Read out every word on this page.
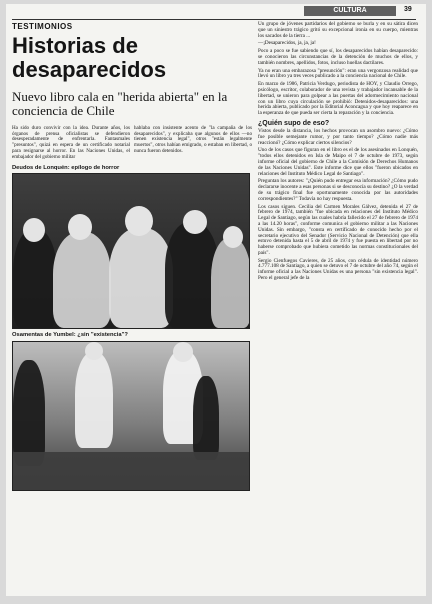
CULTURA	39
TESTIMONIOS
Historias de desaparecidos
Nuevo libro cala en "herida abierta" en la conciencia de Chile

Ha sido duro convivir con la idea. Durante años, los órganos de prensa oficialistas se defendieron desesperadamente de enfrentarla. Fantasmales "presuntos", quizá en espera de un certificado notarial para resignarse al horror. En las Naciones Unidas, el embajador del gobierno militar

hablaba con insistente acento de "la campaña de los desaparecidos", y explicaba que algunos de ellos —no tienen existencia legal", otros "están legalmente muertos", otros habían emigrado, o estaban en libertad, o nunca fueron detenidos.

Deudos de Lonquén: epílogo de horror
Osamentas de Yumbel: ¿sin "existencia"?

Un grupo de jóvenes partidarios del gobierno se burla y en su sátira dicen que un siniestro trágico gritó su excepcional ironía en su cuerpo, mientras los sacados de la tierra ...

—¡Desaparecidos, ja, ja, ja!

Poco a poco se fue sabiendo que sí, los desaparecidos habían desaparecido: se conocieron las circunstancias de la detención de muchos de ellos, y también nombres, apellidos, fotos, incluso huellas dactilares.

Ya no eran una embarazosa "presunción": eran una vergonzosa realidad que llevó un libro ya tres veces publicado a la conciencia nacional de Chile.

En marzo de 1986, Patricia Verdugo, periodista de HOY, y Claudio Orrego, psicólogo, escritor, colaborador de una revista y trabajador incansable de la libertad, se unieron para golpear a las puertas del adormecimiento nacional con un libro cuya circulación se prohibió: Detenidos-desaparecidos: una herida abierta, publicado por la Editorial Aconcagua y que hoy reaparece en la esperanza de que pueda ser cierta la reparación y la conciencia.

¿Quién supo de eso?

Vistos desde la distancia, los hechos provocan un asombro nuevo: ¿Cómo fue posible semejante rumor, y por tanto tiempo? ¿Cómo nadie más reaccionó? ¿Cómo explicar ciertos silencios?

Uno de los casos que figuran en el libro es el de los asesinados en Lonquén, "todos ellos detenidos en Isla de Maipo el 7 de octubre de 1973, según informe oficial del gobierno de Chile a la Comisión de Derechos Humanos de las Naciones Unidas". Este informe dice que ellos "fueron ubicados en relaciones del Instituto Médico Legal de Santiago".

Preguntan los autores: "¿Quién pudo entregar esa información? ¿Cómo pudo declararse inocente a esas personas si se desconocía su destino? ¿O la verdad de su trágico final fue oportunamente conocida por las autoridades correspondientes?" Todavía no hay respuesta.

Los casos siguen. Cecilia del Carmen Morales Gálvez, detenida el 27 de febrero de 1974, también "fue ubicada en relaciones del Instituto Médico Legal de Santiago, según las cuales habría fallecido el 27 de febrero de 1974 a las 14.20 horas", conforme comunica el gobierno militar a las Naciones Unidas. Sin embargo, "consta en certificado de conocido hecho por el secretario ejecutivo del Senador (Servicio Nacional de Detención) que ella estuvo detenida hasta el 5 de abril de 1974 y fue puesta en libertad por no haberse comprobado que hubiera cometido las normas constitucionales del país".

Sergio Cienfuegos Cavieres, de 25 años, con cédula de identidad número 4.777.108 de Santiago, a quien se detuvo el 7 de octubre del año 74, según el informe oficial a las Naciones Unidas es una persona "sin existencia legal". Pero el general jefe de la
